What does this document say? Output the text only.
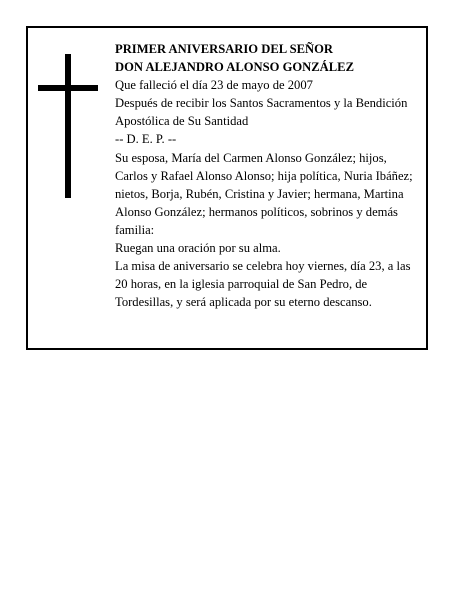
PRIMER ANIVERSARIO DEL SEÑOR

DON ALEJANDRO ALONSO GONZÁLEZ

Que falleció el día 23 de mayo de 2007

Después de recibir los Santos Sacramentos y la Bendición Apostólica de Su Santidad

-- D. E. P. --

Su esposa, María del Carmen Alonso González; hijos, Carlos y Rafael Alonso Alonso; hija política, Nuria Ibáñez; nietos, Borja, Rubén, Cristina y Javier; hermana, Martina Alonso González; hermanos políticos, sobrinos y demás familia:

Ruegan una oración por su alma.

La misa de aniversario se celebra hoy viernes, día 23, a las 20 horas, en la iglesia parroquial de San Pedro, de Tordesillas, y será aplicada por su eterno descanso.
